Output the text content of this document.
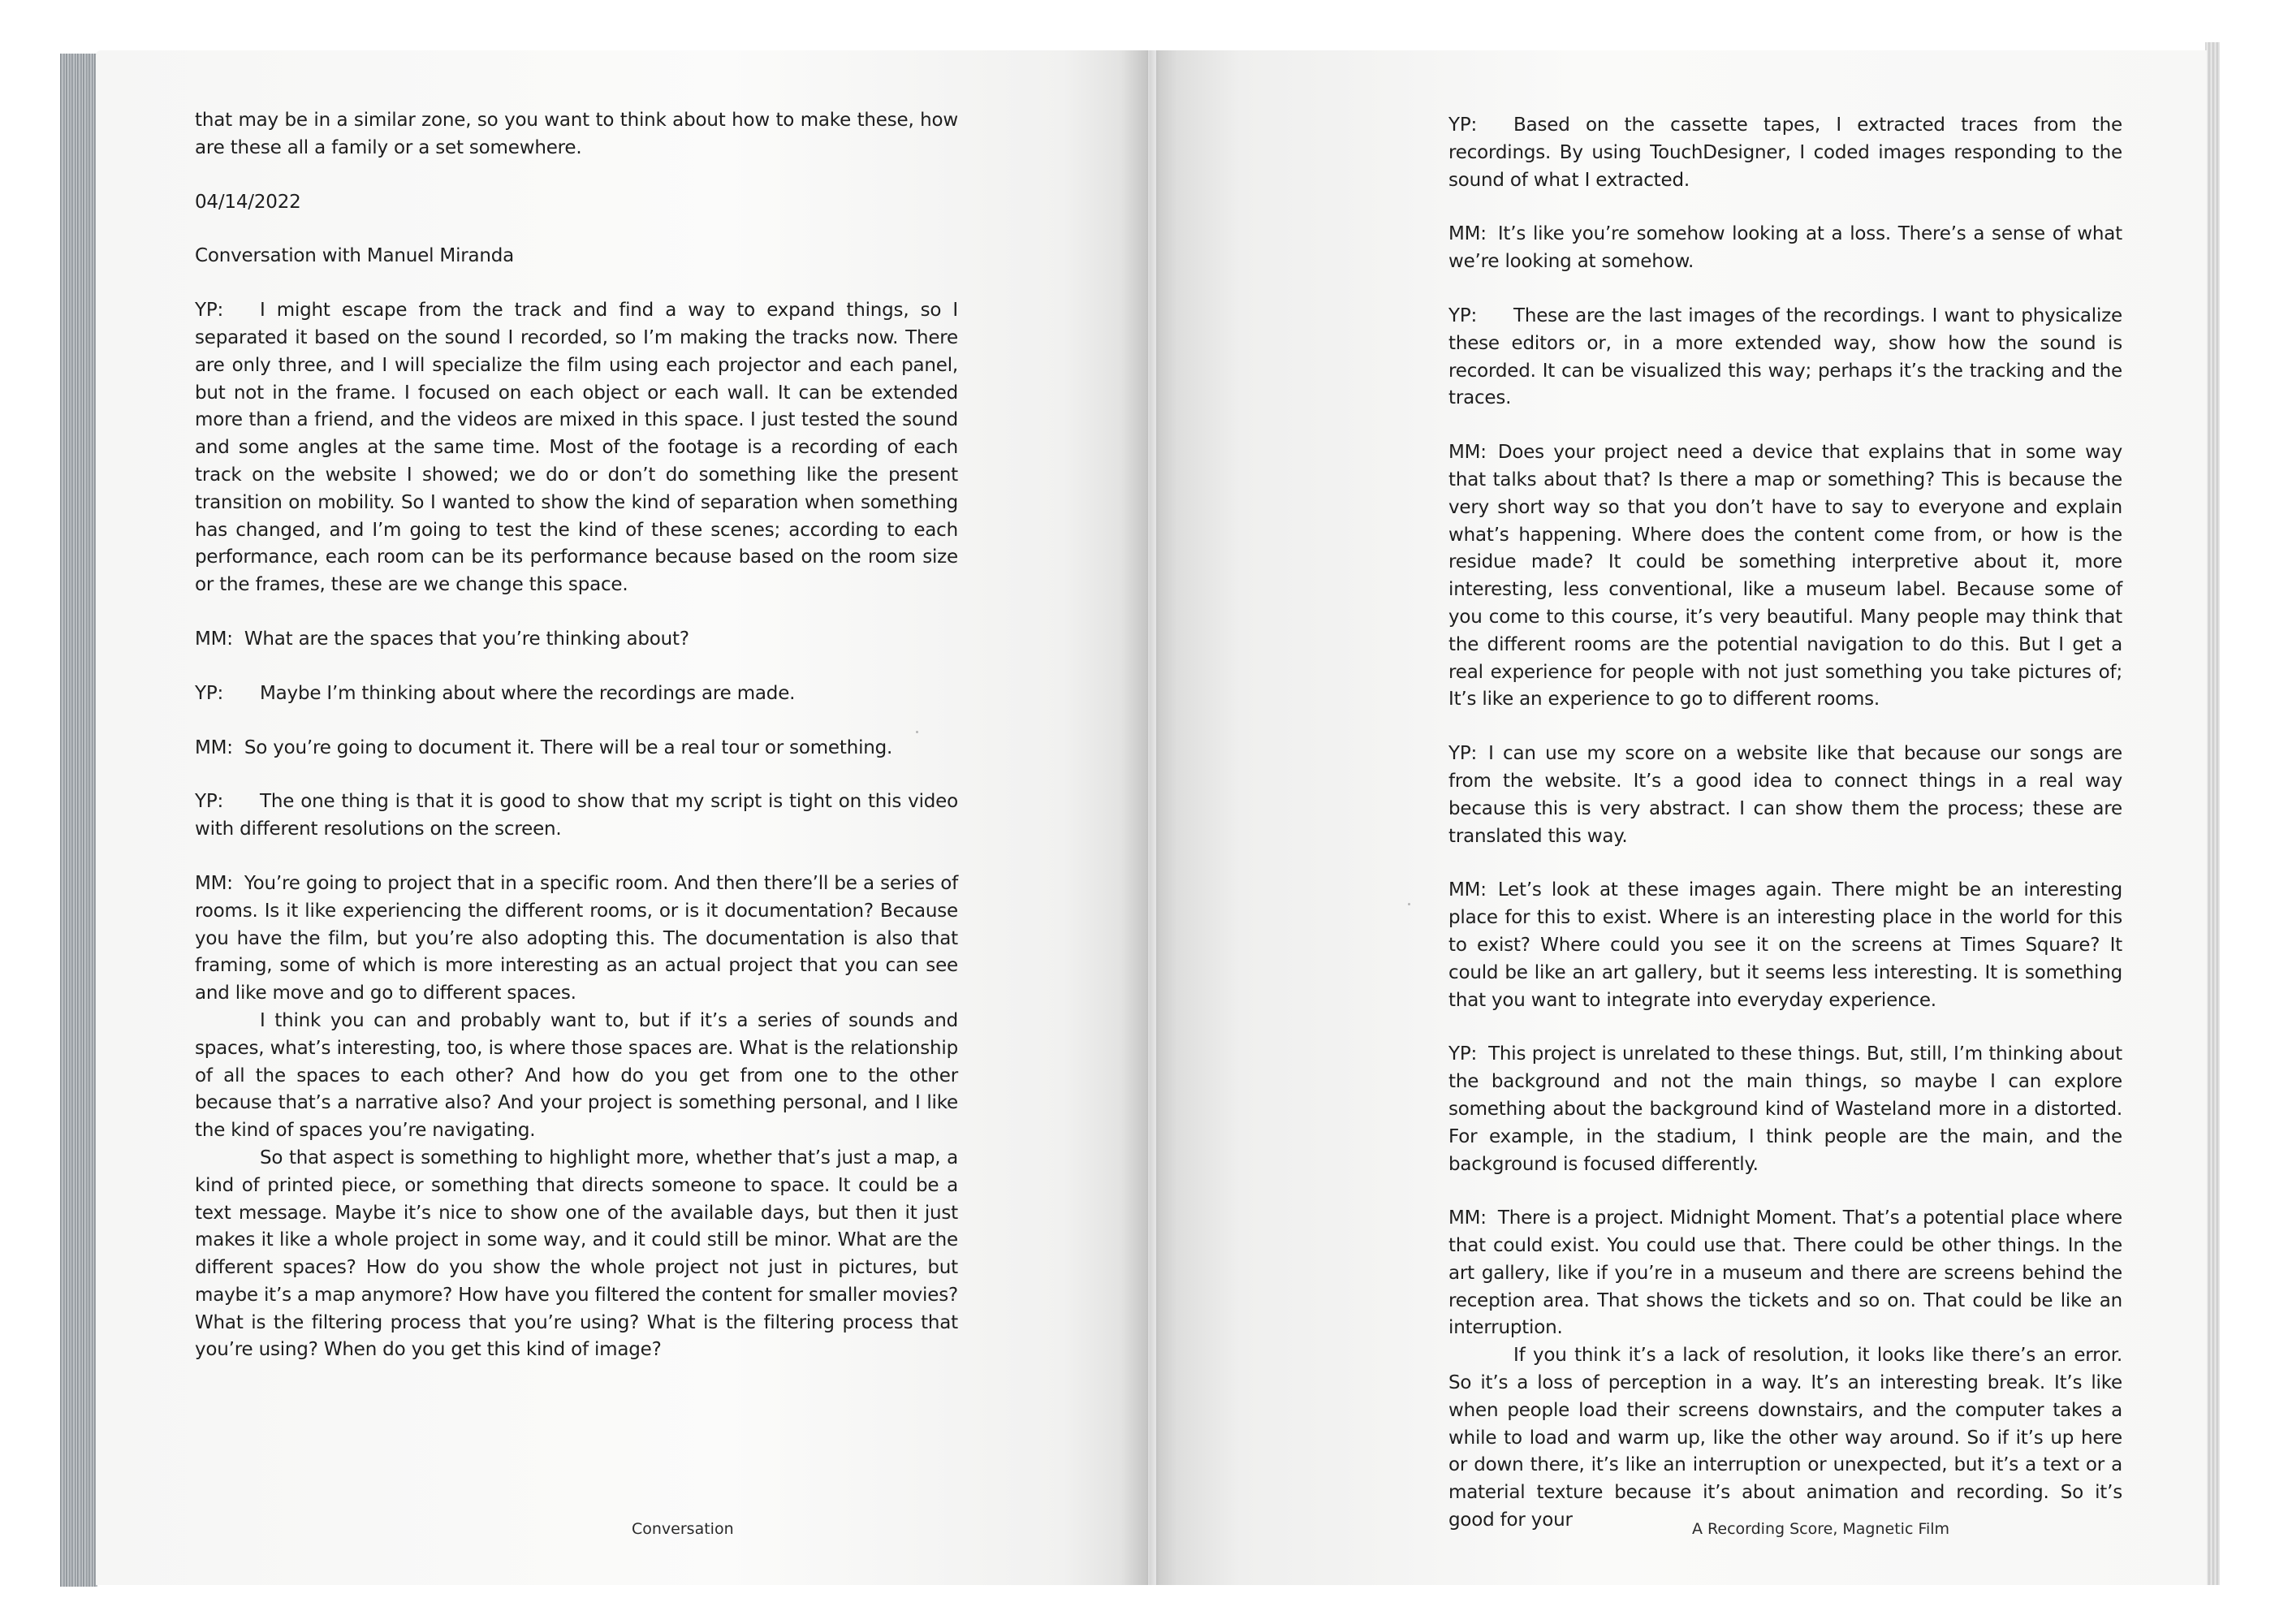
that may be in a similar zone, so you want to think about how to make these, how are these all a family or a set somewhere.

04/14/2022

Conversation with Manuel Miranda

YP: I might escape from the track and find a way to expand things, so I separated it based on the sound I recorded, so I’m making the tracks now. There are only three, and I will specialize the film using each projector and each panel, but not in the frame. I focused on each object or each wall. It can be extended more than a friend, and the videos are mixed in this space. I just tested the sound and some angles at the same time. Most of the footage is a recording of each track on the website I showed; we do or don’t do something like the present transition on mobility. So I wanted to show the kind of separation when something has changed, and I’m going to test the kind of these scenes; according to each performance, each room can be its performance because based on the room size or the frames, these are we change this space.

MM: What are the spaces that you’re thinking about?

YP: Maybe I’m thinking about where the recordings are made.

MM: So you’re going to document it. There will be a real tour or something.

YP: The one thing is that it is good to show that my script is tight on this video with different resolutions on the screen.

MM: You’re going to project that in a specific room. And then there’ll be a series of rooms. Is it like experiencing the different rooms, or is it documentation? Because you have the film, but you’re also adopting this. The documentation is also that framing, some of which is more interesting as an actual project that you can see and like move and go to different spaces.

I think you can and probably want to, but if it’s a series of sounds and spaces, what’s interesting, too, is where those spaces are. What is the relationship of all the spaces to each other? And how do you get from one to the other because that’s a narrative also? And your project is something personal, and I like the kind of spaces you’re navigating.

So that aspect is something to highlight more, whether that’s just a map, a kind of printed piece, or something that directs someone to space. It could be a text message. Maybe it’s nice to show one of the available days, but then it just makes it like a whole project in some way, and it could still be minor. What are the different spaces? How do you show the whole project not just in pictures, but maybe it’s a map anymore? How have you filtered the content for smaller movies? What is the filtering process that you’re using? What is the filtering process that you’re using? When do you get this kind of image?

Conversation

YP: Based on the cassette tapes, I extracted traces from the recordings. By using TouchDesigner, I coded images responding to the sound of what I extracted.

MM: It’s like you’re somehow looking at a loss. There’s a sense of what we’re looking at somehow.

YP: These are the last images of the recordings. I want to physicalize these editors or, in a more extended way, show how the sound is recorded. It can be visualized this way; perhaps it’s the tracking and the traces.

MM: Does your project need a device that explains that in some way that talks about that? Is there a map or something? This is because the very short way so that you don’t have to say to everyone and explain what’s happening. Where does the content come from, or how is the residue made? It could be something interpretive about it, more interesting, less conventional, like a museum label. Because some of you come to this course, it’s very beautiful. Many people may think that the different rooms are the potential navigation to do this. But I get a real experience for people with not just something you take pictures of; It’s like an experience to go to different rooms.

YP: I can use my score on a website like that because our songs are from the website. It’s a good idea to connect things in a real way because this is very abstract. I can show them the process; these are translated this way.

MM: Let’s look at these images again. There might be an interesting place for this to exist. Where is an interesting place in the world for this to exist? Where could you see it on the screens at Times Square? It could be like an art gallery, but it seems less interesting. It is something that you want to integrate into everyday experience.

YP: This project is unrelated to these things. But, still, I’m thinking about the background and not the main things, so maybe I can explore something about the background kind of Wasteland more in a distorted. For example, in the stadium, I think people are the main, and the background is focused differently.

MM: There is a project. Midnight Moment. That’s a potential place where that could exist. You could use that. There could be other things. In the art gallery, like if you’re in a museum and there are screens behind the reception area. That shows the tickets and so on. That could be like an interruption.

If you think it’s a lack of resolution, it looks like there’s an error. So it’s a loss of perception in a way. It’s an interesting break. It’s like when people load their screens downstairs, and the computer takes a while to load and warm up, like the other way around. So if it’s up here or down there, it’s like an interruption or unexpected, but it’s a text or a material texture because it’s about animation and recording. So it’s good for your	A Recording Score, Magnetic Film
